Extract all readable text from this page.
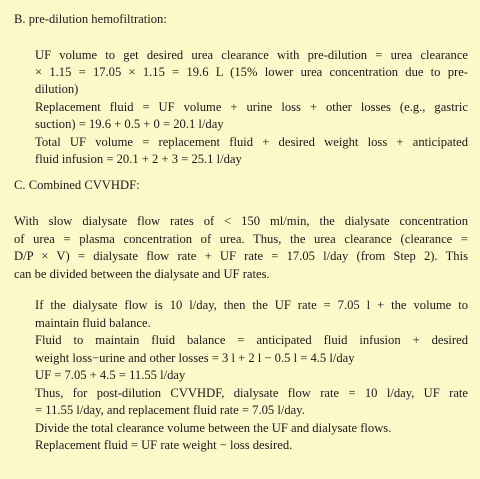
B. pre-dilution hemofiltration:
UF volume to get desired urea clearance with pre-dilution = urea clearance
× 1.15 = 17.05 × 1.15 = 19.6 L (15% lower urea concentration due to pre-
dilution)
Replacement fluid = UF volume + urine loss + other losses (e.g., gastric
suction) = 19.6 + 0.5 + 0 = 20.1 l/day
Total UF volume = replacement fluid + desired weight loss + anticipated
fluid infusion = 20.1 + 2 + 3 = 25.1 l/day
C. Combined CVVHDF:
With slow dialysate flow rates of < 150 ml/min, the dialysate concentration
of urea = plasma concentration of urea. Thus, the urea clearance (clearance =
D/P × V) = dialysate flow rate + UF rate = 17.05 l/day (from Step 2). This
can be divided between the dialysate and UF rates.
If the dialysate flow is 10 l/day, then the UF rate = 7.05 l + the volume to
maintain fluid balance.
Fluid to maintain fluid balance = anticipated fluid infusion + desired
weight loss−urine and other losses = 3 l + 2 l − 0.5 l = 4.5 l/day
UF = 7.05 + 4.5 = 11.55 l/day
Thus, for post-dilution CVVHDF, dialysate flow rate = 10 l/day, UF rate
= 11.55 l/day, and replacement fluid rate = 7.05 l/day.
Divide the total clearance volume between the UF and dialysate flows.
Replacement fluid = UF rate weight − loss desired.
